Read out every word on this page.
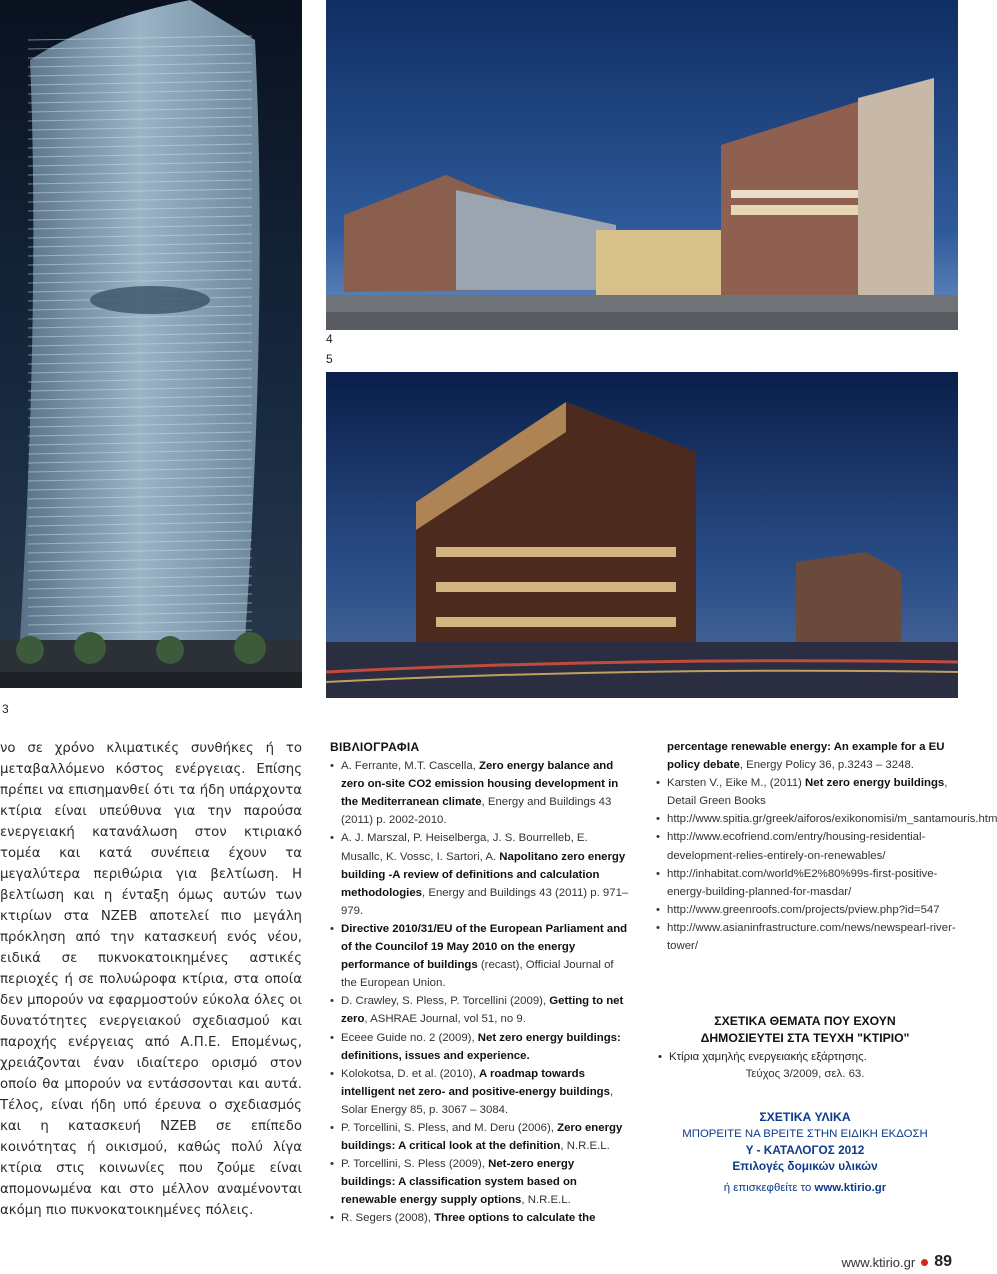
3
4
5

νο σε χρόνο κλιματικές συνθήκες ή το μεταβαλλόμενο κόστος ενέργειας. Επίσης πρέπει να επισημανθεί ότι τα ήδη υπάρχοντα κτίρια είναι υπεύθυνα για την παρούσα ενεργειακή κατανάλωση στον κτιριακό τομέα και κατά συνέπεια έχουν τα μεγαλύτερα περιθώρια για βελτίωση. Η βελτίωση και η ένταξη όμως αυτών των κτιρίων στα NZEB αποτελεί πιο μεγάλη πρόκληση από την κατασκευή ενός νέου, ειδικά σε πυκνοκατοικημένες αστικές περιοχές ή σε πολυώροφα κτίρια, στα οποία δεν μπορούν να εφαρμοστούν εύκολα όλες οι δυνατότητες ενεργειακού σχεδιασμού και παροχής ενέργειας από Α.Π.Ε. Επομένως, χρειάζονται έναν ιδιαίτερο ορισμό στον οποίο θα μπορούν να εντάσσονται και αυτά. Τέλος, είναι ήδη υπό έρευνα ο σχεδιασμός και η κατασκευή NZEB σε επίπεδο κοινότητας ή οικισμού, καθώς πολύ λίγα κτίρια στις κοινωνίες που ζούμε είναι απομονωμένα και στο μέλλον αναμένονται ακόμη πιο πυκνοκατοικημένες πόλεις.

ΒΙΒΛΙΟΓΡΑΦΙΑ
• A. Ferrante, M.T. Cascella, Zero energy balance and zero on-site CO2 emission housing development in the Mediterranean climate, Energy and Buildings 43 (2011) p. 2002-2010.
• A. J. Marszal, P. Heiselberga, J. S. Bourrelleb, E. Musallc, K. Vossc, I. Sartori, A. Napolitano zero energy building -A review of definitions and calculation methodologies, Energy and Buildings 43 (2011) p. 971–979.
• Directive 2010/31/EU of the European Parliament and of the Councilof 19 May 2010 on the energy performance of buildings (recast), Official Journal of the European Union.
• D. Crawley, S. Pless, P. Torcellini (2009), Getting to net zero, ASHRAE Journal, vol 51, no 9.
• Eceee Guide no. 2 (2009), Net zero energy buildings: definitions, issues and experience.
• Kolokotsa, D. et al. (2010), A roadmap towards intelligent net zero- and positive-energy buildings, Solar Energy 85, p. 3067 – 3084.
• P. Torcellini, S. Pless, and M. Deru (2006), Zero energy buildings: A critical look at the definition, N.R.E.L.
• P. Torcellini, S. Pless (2009), Net-zero energy buildings: A classification system based on renewable energy supply options, N.R.E.L.
• R. Segers (2008), Three options to calculate the
percentage renewable energy: An example for a EU policy debate, Energy Policy 36, p.3243 – 3248.
• Karsten V., Eike M., (2011) Net zero energy buildings, Detail Green Books
• http://www.spitia.gr/greek/aiforos/exikonomisi/m_santamouris.htm
• http://www.ecofriend.com/entry/housing-residential-development-relies-entirely-on-renewables/
• http://inhabitat.com/world%E2%80%99s-first-positive-energy-building-planned-for-masdar/
• http://www.greenroofs.com/projects/pview.php?id=547
• http://www.asianinfrastructure.com/news/newspearl-river-tower/
ΣΧΕΤΙΚΑ ΘΕΜΑΤΑ ΠΟΥ ΕΧΟΥΝ
ΔΗΜΟΣΙΕΥΤΕΙ ΣΤΑ ΤΕΥΧΗ "ΚΤΙΡΙΟ"
• Κτίρια χαμηλής ενεργειακής εξάρτησης.
Τεύχος 3/2009, σελ. 63.
ΣΧΕΤΙΚΑ ΥΛΙΚΑ
ΜΠΟΡΕΙΤΕ ΝΑ ΒΡΕΙΤΕ ΣΤΗΝ ΕΙΔΙΚΗ ΕΚΔΟΣΗ
Y - ΚΑΤΑΛΟΓΟΣ 2012
Επιλογές δομικών υλικών
ή επισκεφθείτε το www.ktirio.gr
www.ktirio.gr 89
